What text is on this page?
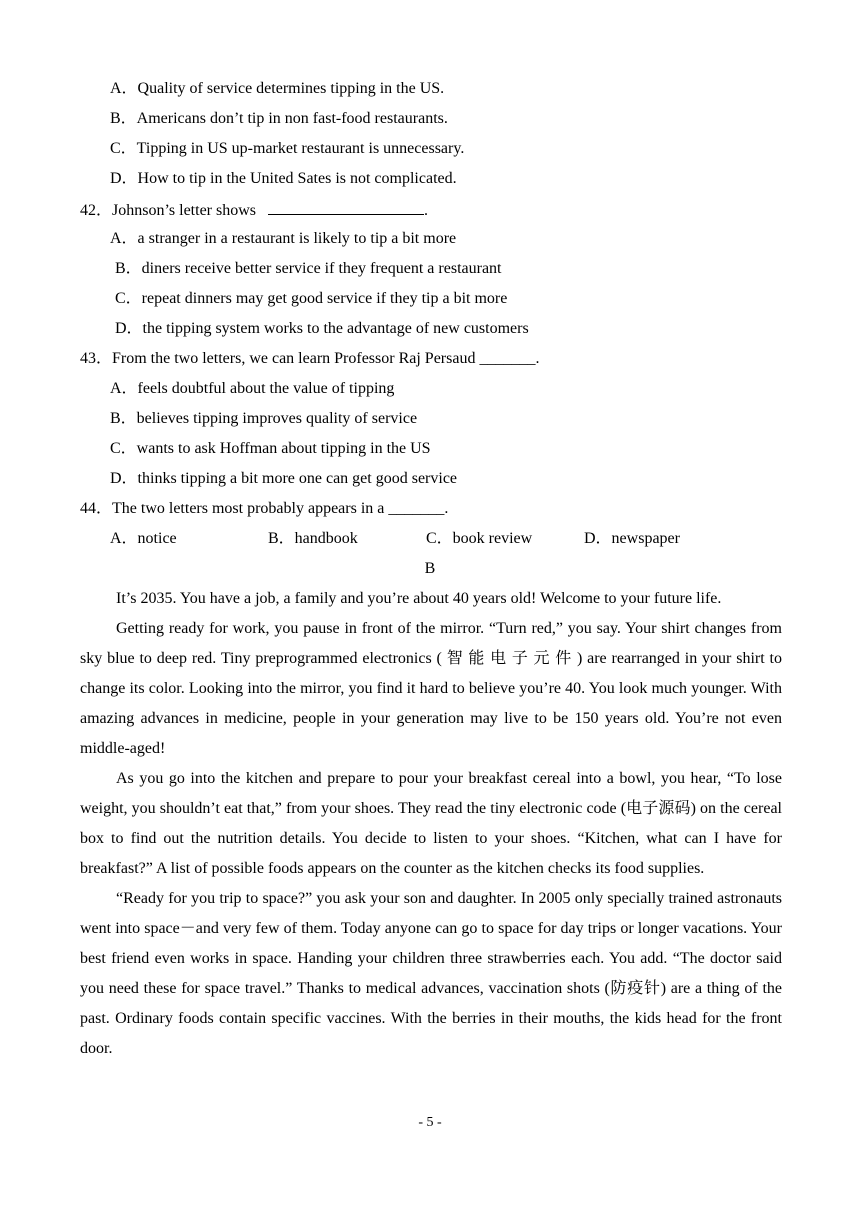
A．Quality of service determines tipping in the US.
B．Americans don’t tip in non fast-food restaurants.
C．Tipping in US up-market restaurant is unnecessary.
D．How to tip in the United Sates is not complicated.
42．Johnson’s letter shows	.
A．a stranger in a restaurant is likely to tip a bit more
B．diners receive better service if they frequent a restaurant
C．repeat dinners may get good service if they tip a bit more
D．the tipping system works to the advantage of new customers
43．From the two letters, we can learn Professor Raj Persaud _______.
A．feels doubtful about the value of tipping
B．believes tipping improves quality of service
C．wants to ask Hoffman about tipping in the US
D．thinks tipping a bit more one can get good service
44．The two letters most probably appears in a _______.
A．notice	B．handbook	C．book review	D．newspaper
B

It’s 2035. You have a job, a family and you’re about 40 years old! Welcome to your future life.

Getting ready for work, you pause in front of the mirror. “Turn red,” you say. Your shirt changes from sky blue to deep red. Tiny preprogrammed electronics ( 智 能 电 子 元 件 ) are rearranged in your shirt to change its color. Looking into the mirror, you find it hard to believe you’re 40. You look much younger. With amazing advances in medicine, people in your generation may live to be 150 years old. You’re not even middle-aged!

As you go into the kitchen and prepare to pour your breakfast cereal into a bowl, you hear, “To lose weight, you shouldn’t eat that,” from your shoes. They read the tiny electronic code (电子源码) on the cereal box to find out the nutrition details. You decide to listen to your shoes. “Kitchen, what can I have for breakfast?” A list of possible foods appears on the counter as the kitchen checks its food supplies.

“Ready for you trip to space?” you ask your son and daughter. In 2005 only specially trained astronauts went into space－and very few of them. Today anyone can go to space for day trips or longer vacations. Your best friend even works in space. Handing your children three strawberries each. You add. “The doctor said you need these for space travel.” Thanks to medical advances, vaccination shots (防疫针) are a thing of the past. Ordinary foods contain specific vaccines. With the berries in their mouths, the kids head for the front door.

- 5 -
